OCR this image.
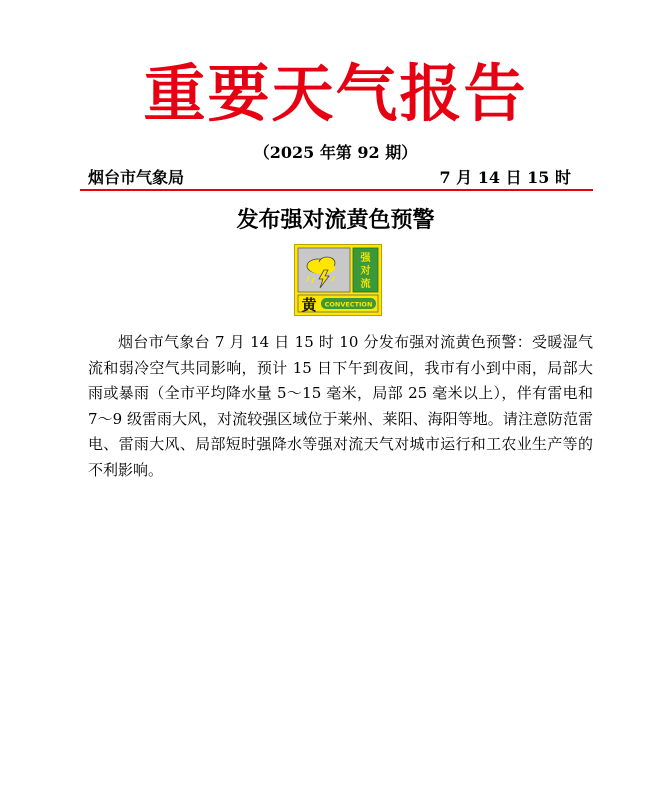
重要天气报告
（2025 年第 92 期）
烟台市气象局	7 月 14 日 15 时
发布强对流黄色预警
强
对
流
黄 CONVECTION

烟台市气象台 7 月 14 日 15 时 10 分发布强对流黄色预警：受暖湿气流和弱冷空气共同影响，预计 15 日下午到夜间，我市有小到中雨，局部大雨或暴雨（全市平均降水量 5～15 毫米，局部 25 毫米以上），伴有雷电和 7～9 级雷雨大风，对流较强区域位于莱州、莱阳、海阳等地。请注意防范雷电、雷雨大风、局部短时强降水等强对流天气对城市运行和工农业生产等的不利影响。
